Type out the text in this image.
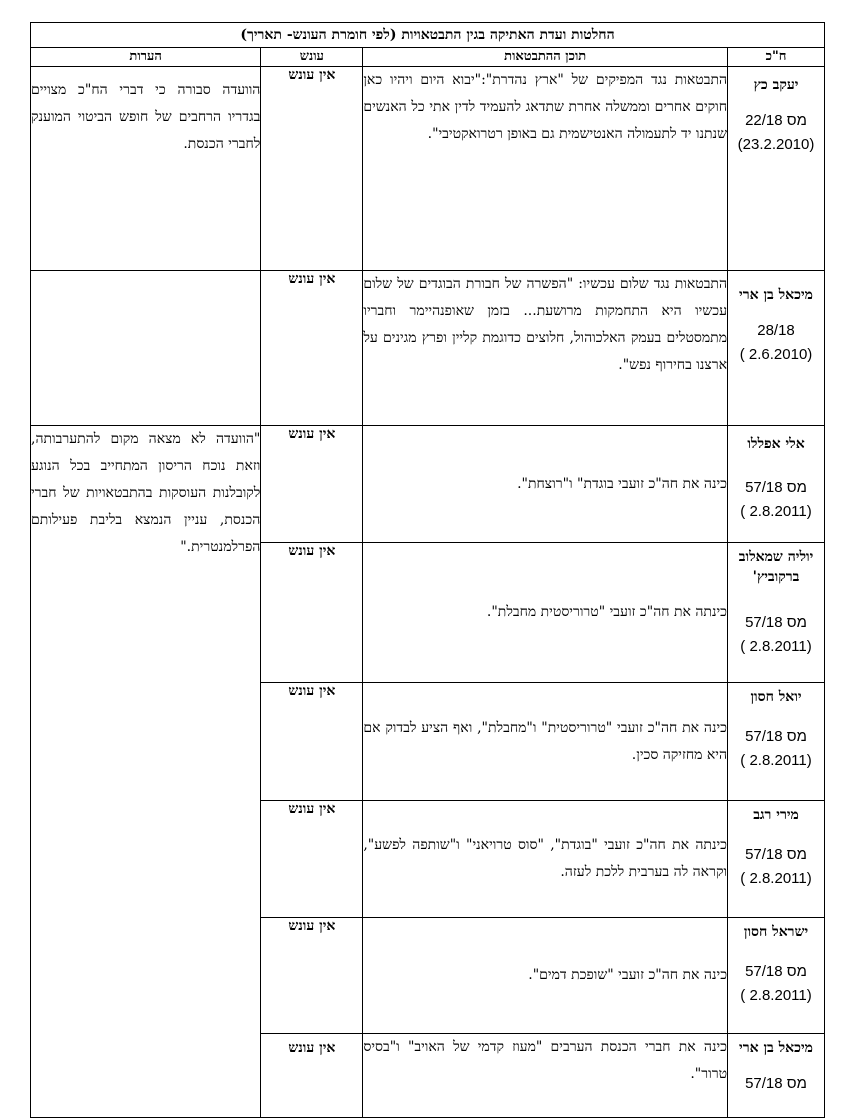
החלטות ועדת האתיקה בגין התבטאויות (לפי חומרת העונש- תאריך)			
ח"כ	תוכן ההתבטאות	עונש	הערות

יעקב כץ
מס 22/18
(23.2.2010)	התבטאות נגד המפיקים של "ארץ נהדרת":"יבוא היום ויהיו כאן חוקים אחרים וממשלה אחרת שתדאג להעמיד לדין אתי כל האנשים שנתנו יד לתעמולה האנטישמית גם באופן רטרואקטיבי".	אין עונש	הוועדה סבורה כי דברי הח"כ מצויים בגדריו הרחבים של חופש הביטוי המוענק לחברי הכנסת.

מיכאל בן ארי
28/18
(2.6.2010 )	התבטאות נגד שלום עכשיו: "הפשרה של חבורת הבוגדים של שלום עכשיו היא התחמקות מרושעת... בזמן שאופנהיימר וחבריו מתמסטלים בעמק האלכוהול, חלוצים כדוגמת קליין ופרץ מגינים על ארצנו בחירוף נפש".	אין עונש	

אלי אפללו
מס 57/18
(2.8.2011 )	כינה את חה"כ זועבי בוגדת" ו"רוצחת".	אין עונש	"הוועדה לא מצאה מקום להתערבותה, וזאת נוכח הריסון המתחייב בכל הנוגע לקובלנות העוסקות בהתבטאויות של חברי הכנסת, עניין הנמצא בליבת פעילותם הפרלמנטרית."

יוליה שמאלוב ברקוביץ'
מס 57/18
(2.8.2011 )	כינתה את חה"כ זועבי "טרוריסטית מחבלת".	אין עונש	

יואל חסון
מס 57/18
(2.8.2011 )	כינה את חה"כ זועבי "טרוריסטית" ו"מחבלת", ואף הציע לבדוק אם היא מחזיקה סכין.	אין עונש	

מירי רגב
מס 57/18
(2.8.2011 )	כינתה את חה"כ זועבי "בוגדת", "סוס טרויאני" ו"שותפה לפשע", וקראה לה בערבית ללכת לעזה.	אין עונש	

ישראל חסון
מס 57/18
(2.8.2011 )	כינה את חה"כ זועבי "שופכת דמים".	אין עונש	

מיכאל בן ארי
מס 57/18	כינה את חברי הכנסת הערבים "מעוז קדמי של האויב" ו"בסיס טרור".	אין עונש	
